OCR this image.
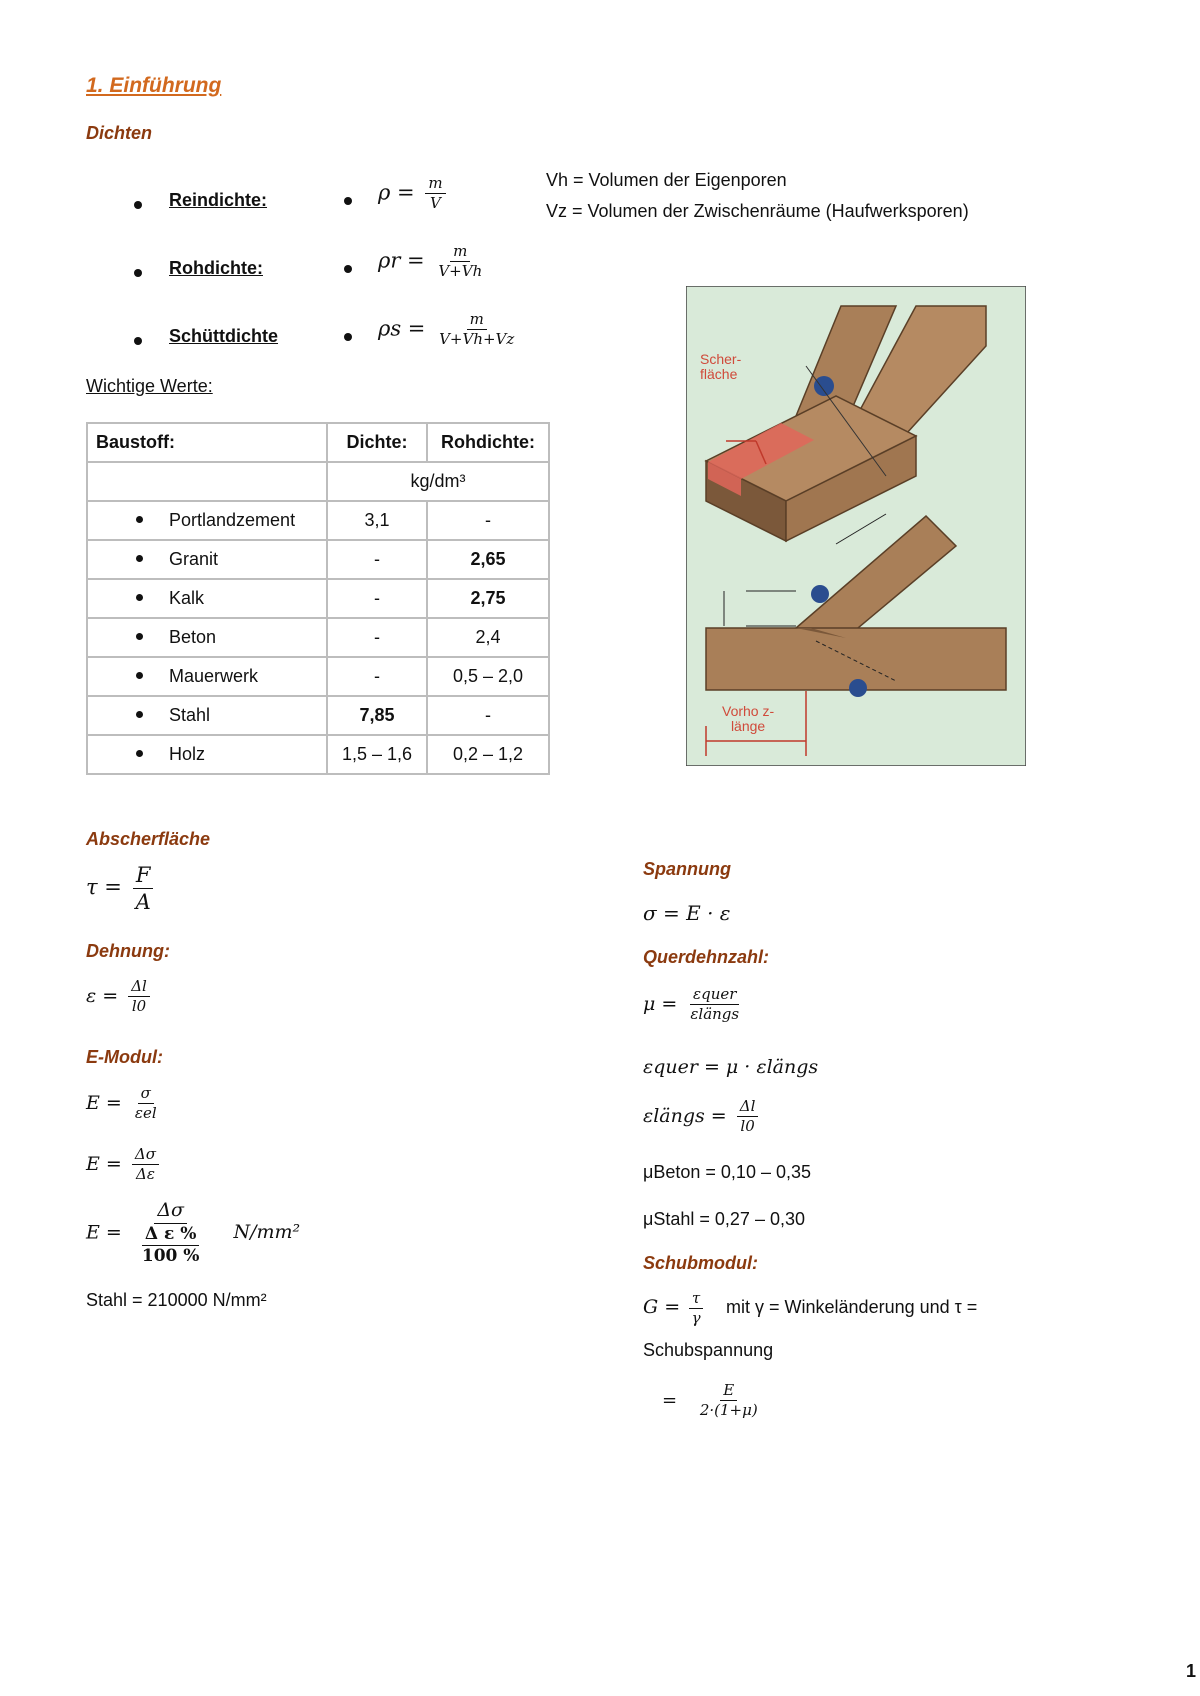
1. Einführung
Dichten
Reindichte:	$\rho = \frac{m}{V}$
Rohdichte:	$\rho r = \frac{m}{V+Vh}$
Schüttdichte	$\rho s = \frac{m}{V+Vh+Vz}$
Vh = Volumen der Eigenporen
Vz = Volumen der Zwischenräume (Haufwerksporen)
Wichtige Werte:
Baustoff:	Dichte:	Rohdichte:
	kg/dm³	
Portlandzement	3,1	-
Granit	-	2,65
Kalk	-	2,75
Beton	-	2,4
Mauerwerk	-	0,5 – 2,0
Stahl	7,85	-
Holz	1,5 – 1,6	0,2 – 1,2
Scher-
fläche
Vorho z-
länge
Abscherfläche
$\tau = \frac{F}{A}$
Dehnung:
$\varepsilon = \frac{\Delta l}{l0}$
E-Modul:
$E = \frac{\sigma}{\text{εel}}$
$E = \frac{\Delta\sigma}{\Delta\varepsilon}$
$E = \frac{\Delta\sigma}{\frac{\text{Δ ε \%}}{100 \%}} N/mm^2$
Stahl = 210000 N/mm²
Spannung
σ = E · ε
Querdehnzahl:
$\mu = \frac{\text{εquer}}{\text{εlängs}}$
εquer = μ · εlängs
εlängs = $\frac{\Delta l}{l0}$
μBeton = 0,10 – 0,35
μStahl = 0,27 – 0,30
Schubmodul:
$G = \frac{\tau}{\gamma}$ mit γ = Winkeländerung und τ =
Schubspannung
= $\frac{E}{2\cdot(1+\mu)}$
1
